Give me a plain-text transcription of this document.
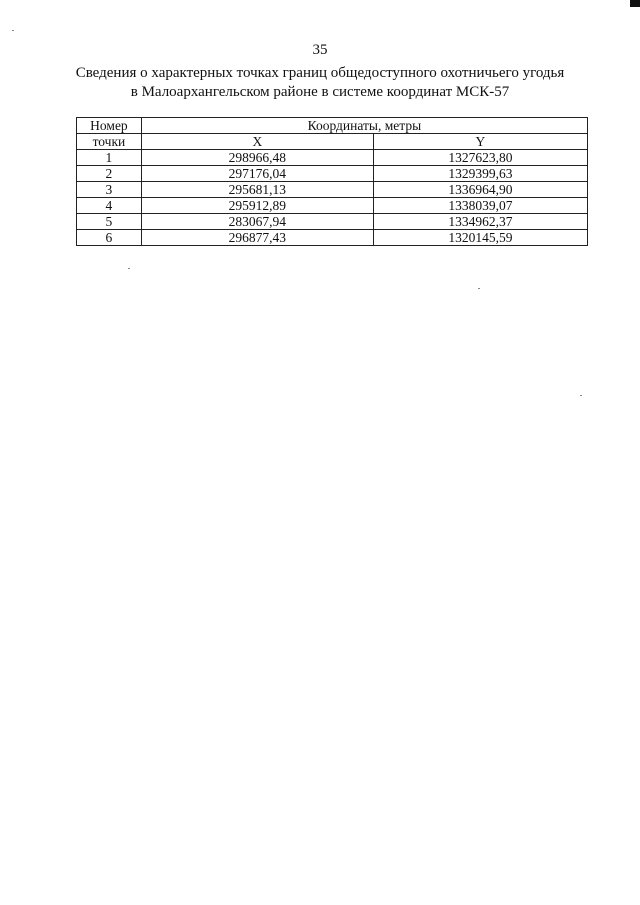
35
Сведения о характерных точках границ общедоступного охотничьего угодья
в Малоархангельском районе в системе координат МСК-57
Номер	Координаты, метры	
точки	X	Y
1	298966,48	1327623,80
2	297176,04	1329399,63
3	295681,13	1336964,90
4	295912,89	1338039,07
5	283067,94	1334962,37
6	296877,43	1320145,59
